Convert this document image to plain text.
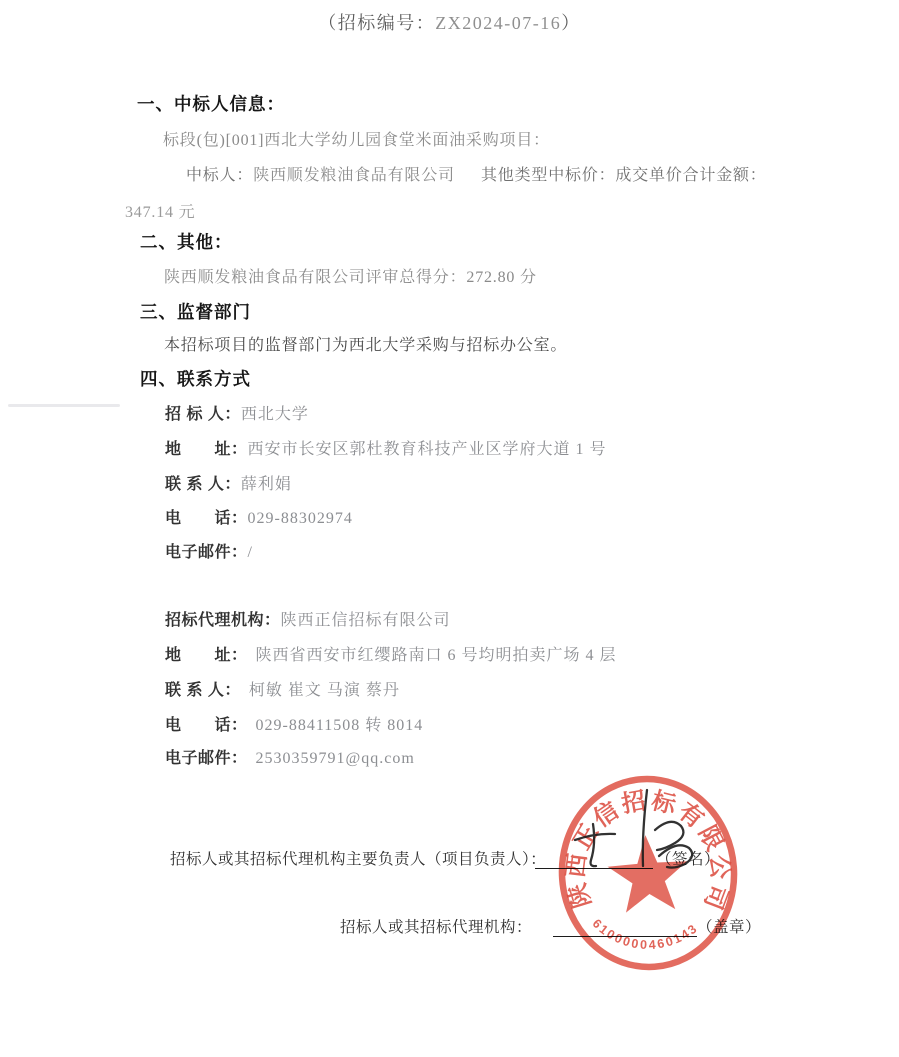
（招标编号：ZX2024-07-16）
一、中标人信息：
标段(包)[001]西北大学幼儿园食堂米面油采购项目：
中标人：陕西顺发粮油食品有限公司 其他类型中标价：成交单价合计金额：
347.14 元
二、其他：
陕西顺发粮油食品有限公司评审总得分：272.80 分
三、监督部门
本招标项目的监督部门为西北大学采购与招标办公室。
四、联系方式
招 标 人：西北大学
地　　址：西安市长安区郭杜教育科技产业区学府大道 1 号
联 系 人：薛利娟
电　　话：029-88302974
电子邮件：/
招标代理机构：陕西正信招标有限公司
地　　址： 陕西省西安市红缨路南口 6 号均明拍卖广场 4 层
联 系 人： 柯敏 崔文 马演 蔡丹
电　　话： 029-88411508 转 8014
电子邮件： 2530359791@qq.com
招标人或其招标代理机构主要负责人（项目负责人）：	（签名）
招标人或其招标代理机构：	（盖章）
陕西正信招标有限公司
6100000460143
